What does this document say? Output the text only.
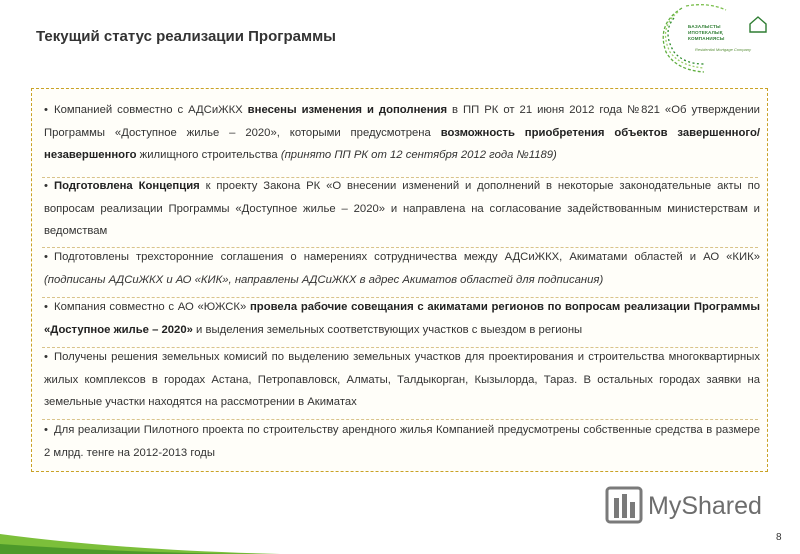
Текущий статус реализации Программы
БАЗАЛЫСТЫ
ИПОТЕКАЛЫҚ
КОМПАНИЯСЫ
Residential Mortgage Company
• Компанией совместно с АДСиЖКХ внесены изменения и дополнения в ПП РК от 21 июня 2012 года №821 «Об утверждении Программы «Доступное жилье – 2020», которыми предусмотрена возможность приобретения объектов завершенного/незавершенного жилищного строительства (принято ПП РК от 12 сентября 2012 года №1189)
• Подготовлена Концепция к проекту Закона РК «О внесении изменений и дополнений в некоторые законодательные акты по вопросам реализации Программы «Доступное жилье – 2020» и направлена на согласование задействованным министерствам и ведомствам
• Подготовлены трехсторонние соглашения о намерениях сотрудничества между АДСиЖКХ, Акиматами областей и АО «КИК» (подписаны АДСиЖКХ и АО «КИК», направлены АДСиЖКХ в адрес Акиматов областей для подписания)
• Компания совместно с АО «ЮЖСК» провела рабочие совещания с акиматами регионов по вопросам реализации Программы «Доступное жилье – 2020» и выделения земельных соответствующих участков с выездом в регионы
• Получены решения земельных комисий по выделению земельных участков для проектирования и строительства многоквартирных жилых комплексов в городах Астана, Петропавловск, Алматы, Талдыкорган, Кызылорда, Тараз. В остальных городах заявки на земельные участки находятся на рассмотрении в Акиматах
• Для реализации Пилотного проекта по строительству арендного жилья Компанией предусмотрены собственные средства в размере 2 млрд. тенге на 2012-2013 годы
MyShared
8
